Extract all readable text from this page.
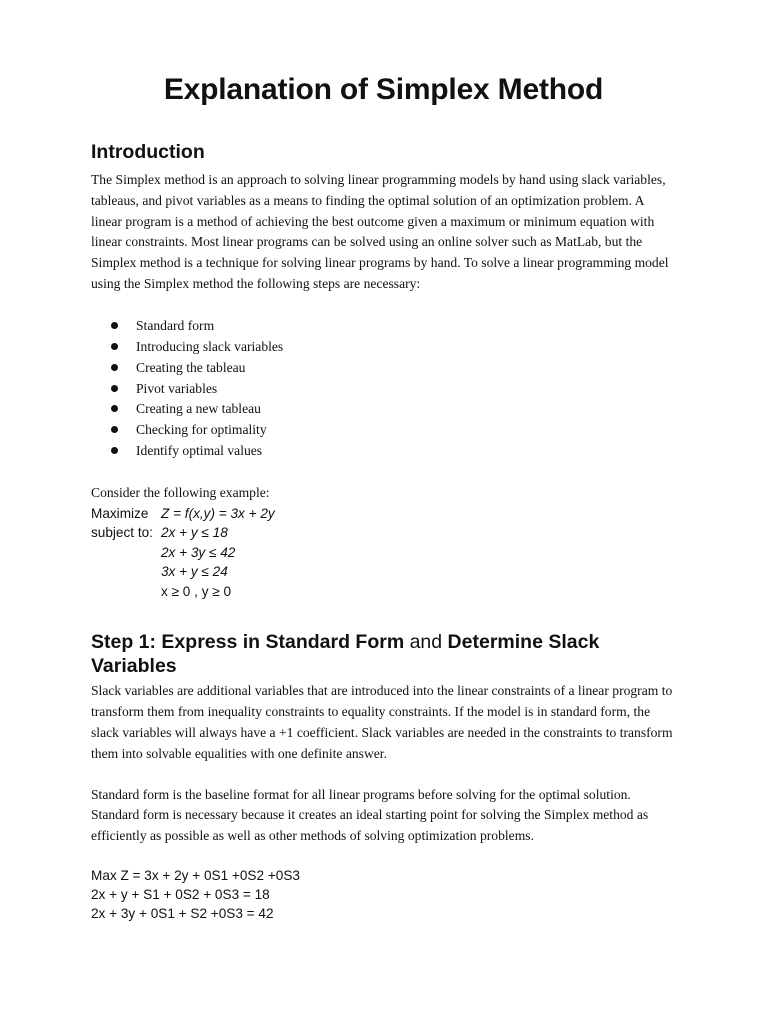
Explanation of Simplex Method
Introduction

The Simplex method is an approach to solving linear programming models by hand using slack variables, tableaus, and pivot variables as a means to finding the optimal solution of an optimization problem. A linear program is a method of achieving the best outcome given a maximum or minimum equation with linear constraints. Most linear programs can be solved using an online solver such as MatLab, but the Simplex method is a technique for solving linear programs by hand. To solve a linear programming model using the Simplex method the following steps are necessary:

Standard form
Introducing slack variables
Creating the tableau
Pivot variables
Creating a new tableau
Checking for optimality
Identify optimal values

Consider the following example:

Maximize Z = f(x,y) = 3x + 2y
subject to: 2x + y ≤ 18
2x + 3y ≤ 42
3x + y ≤ 24
x ≥ 0 , y ≥ 0
Step 1: Express in Standard Form and Determine Slack Variables

Slack variables are additional variables that are introduced into the linear constraints of a linear program to transform them from inequality constraints to equality constraints. If the model is in standard form, the slack variables will always have a +1 coefficient. Slack variables are needed in the constraints to transform them into solvable equalities with one definite answer.

Standard form is the baseline format for all linear programs before solving for the optimal solution. Standard form is necessary because it creates an ideal starting point for solving the Simplex method as efficiently as possible as well as other methods of solving optimization problems.

Max Z = 3x + 2y + 0S1 +0S2 +0S3
2x + y + S1 + 0S2 + 0S3 = 18
2x + 3y + 0S1 + S2 +0S3 = 42
